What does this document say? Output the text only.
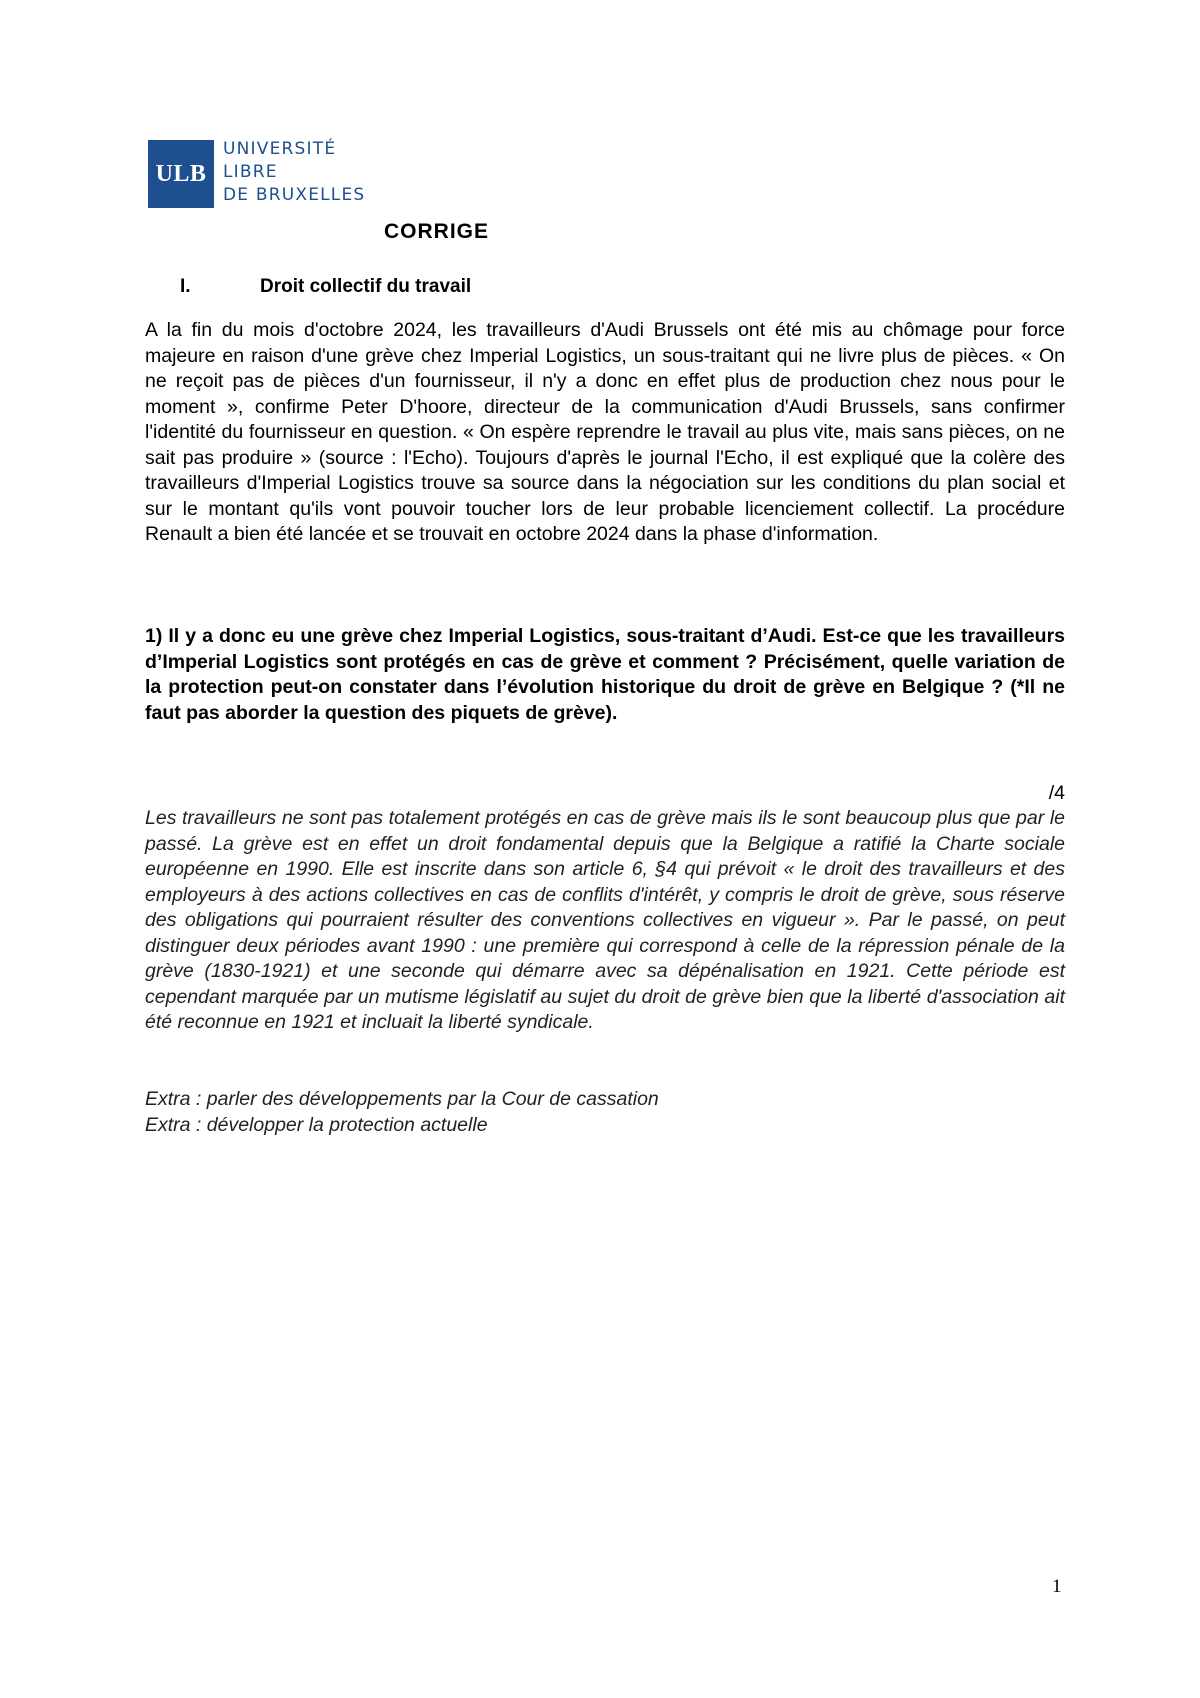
ULB
UNIVERSITÉ
LIBRE
DE BRUXELLES
CORRIGE
I.	Droit collectif du travail
A la fin du mois d'octobre 2024, les travailleurs d'Audi Brussels ont été mis au chômage pour force majeure en raison d'une grève chez Imperial Logistics, un sous-traitant qui ne livre plus de pièces. « On ne reçoit pas de pièces d'un fournisseur, il n'y a donc en effet plus de production chez nous pour le moment », confirme Peter D'hoore, directeur de la communication d'Audi Brussels, sans confirmer l'identité du fournisseur en question. « On espère reprendre le travail au plus vite, mais sans pièces, on ne sait pas produire » (source : l'Echo). Toujours d'après le journal l'Echo, il est expliqué que la colère des travailleurs d'Imperial Logistics trouve sa source dans la négociation sur les conditions du plan social et sur le montant qu'ils vont pouvoir toucher lors de leur probable licenciement collectif. La procédure Renault a bien été lancée et se trouvait en octobre 2024 dans la phase d'information.
1) Il y a donc eu une grève chez Imperial Logistics, sous-traitant d’Audi. Est-ce que les travailleurs d’Imperial Logistics sont protégés en cas de grève et comment ? Précisément, quelle variation de la protection peut-on constater dans l’évolution historique du droit de grève en Belgique ? (*Il ne faut pas aborder la question des piquets de grève).
/4
Les travailleurs ne sont pas totalement protégés en cas de grève mais ils le sont beaucoup plus que par le passé. La grève est en effet un droit fondamental depuis que la Belgique a ratifié la Charte sociale européenne en 1990. Elle est inscrite dans son article 6, §4 qui prévoit « le droit des travailleurs et des employeurs à des actions collectives en cas de conflits d'intérêt, y compris le droit de grève, sous réserve des obligations qui pourraient résulter des conventions collectives en vigueur ». Par le passé, on peut distinguer deux périodes avant 1990 : une première qui correspond à celle de la répression pénale de la grève (1830-1921) et une seconde qui démarre avec sa dépénalisation en 1921. Cette période est cependant marquée par un mutisme législatif au sujet du droit de grève bien que la liberté d'association ait été reconnue en 1921 et incluait la liberté syndicale.
Extra : parler des développements par la Cour de cassation
Extra : développer la protection actuelle
1
